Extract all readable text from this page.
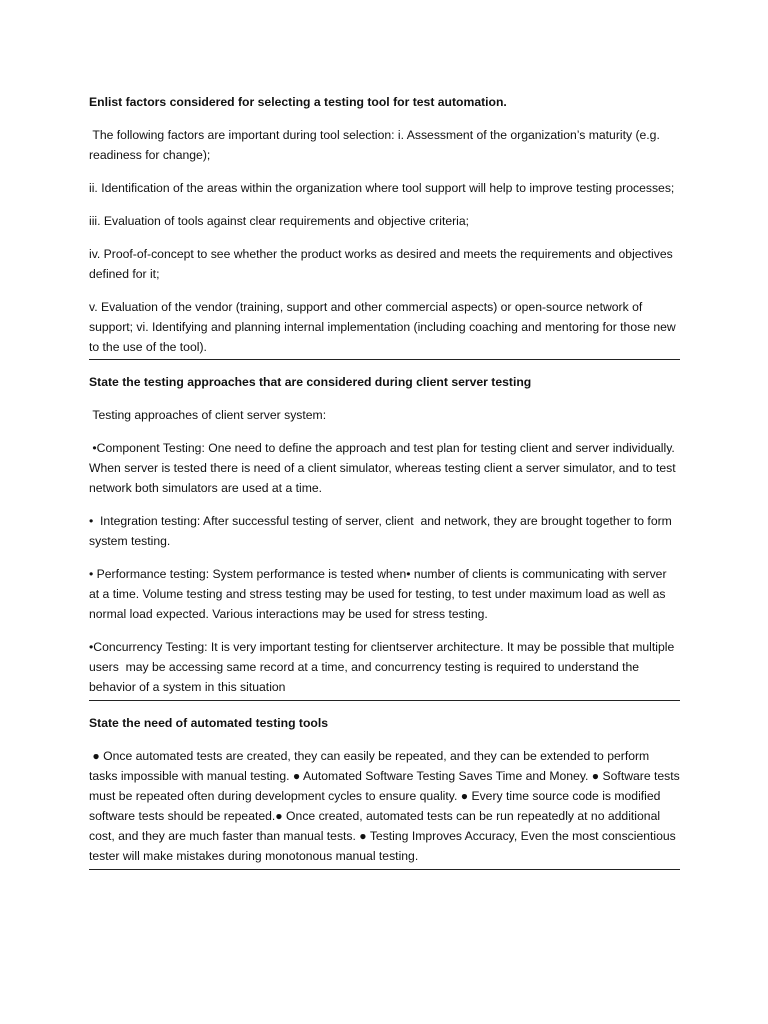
Enlist factors considered for selecting a testing tool for test automation.

The following factors are important during tool selection: i. Assessment of the organization’s maturity (e.g. readiness for change);

ii. Identification of the areas within the organization where tool support will help to improve testing processes;

iii. Evaluation of tools against clear requirements and objective criteria;

iv. Proof-of-concept to see whether the product works as desired and meets the requirements and objectives defined for it;

v. Evaluation of the vendor (training, support and other commercial aspects) or open-source network of support; vi. Identifying and planning internal implementation (including coaching and mentoring for those new to the use of the tool).

State the testing approaches that are considered during client server testing

Testing approaches of client server system:

•Component Testing: One need to define the approach and test plan for testing client and server individually. When server is tested there is need of a client simulator, whereas testing client a server simulator, and to test network both simulators are used at a time.

•  Integration testing: After successful testing of server, client  and network, they are brought together to form system testing.

• Performance testing: System performance is tested when• number of clients is communicating with server at a time. Volume testing and stress testing may be used for testing, to test under maximum load as well as normal load expected. Various interactions may be used for stress testing.

•Concurrency Testing: It is very important testing for clientserver architecture. It may be possible that multiple users  may be accessing same record at a time, and concurrency testing is required to understand the behavior of a system in this situation

State the need of automated testing tools

● Once automated tests are created, they can easily be repeated, and they can be extended to perform tasks impossible with manual testing. ● Automated Software Testing Saves Time and Money. ● Software tests must be repeated often during development cycles to ensure quality. ● Every time source code is modified software tests should be repeated.● Once created, automated tests can be run repeatedly at no additional cost, and they are much faster than manual tests. ● Testing Improves Accuracy, Even the most conscientious tester will make mistakes during monotonous manual testing.
